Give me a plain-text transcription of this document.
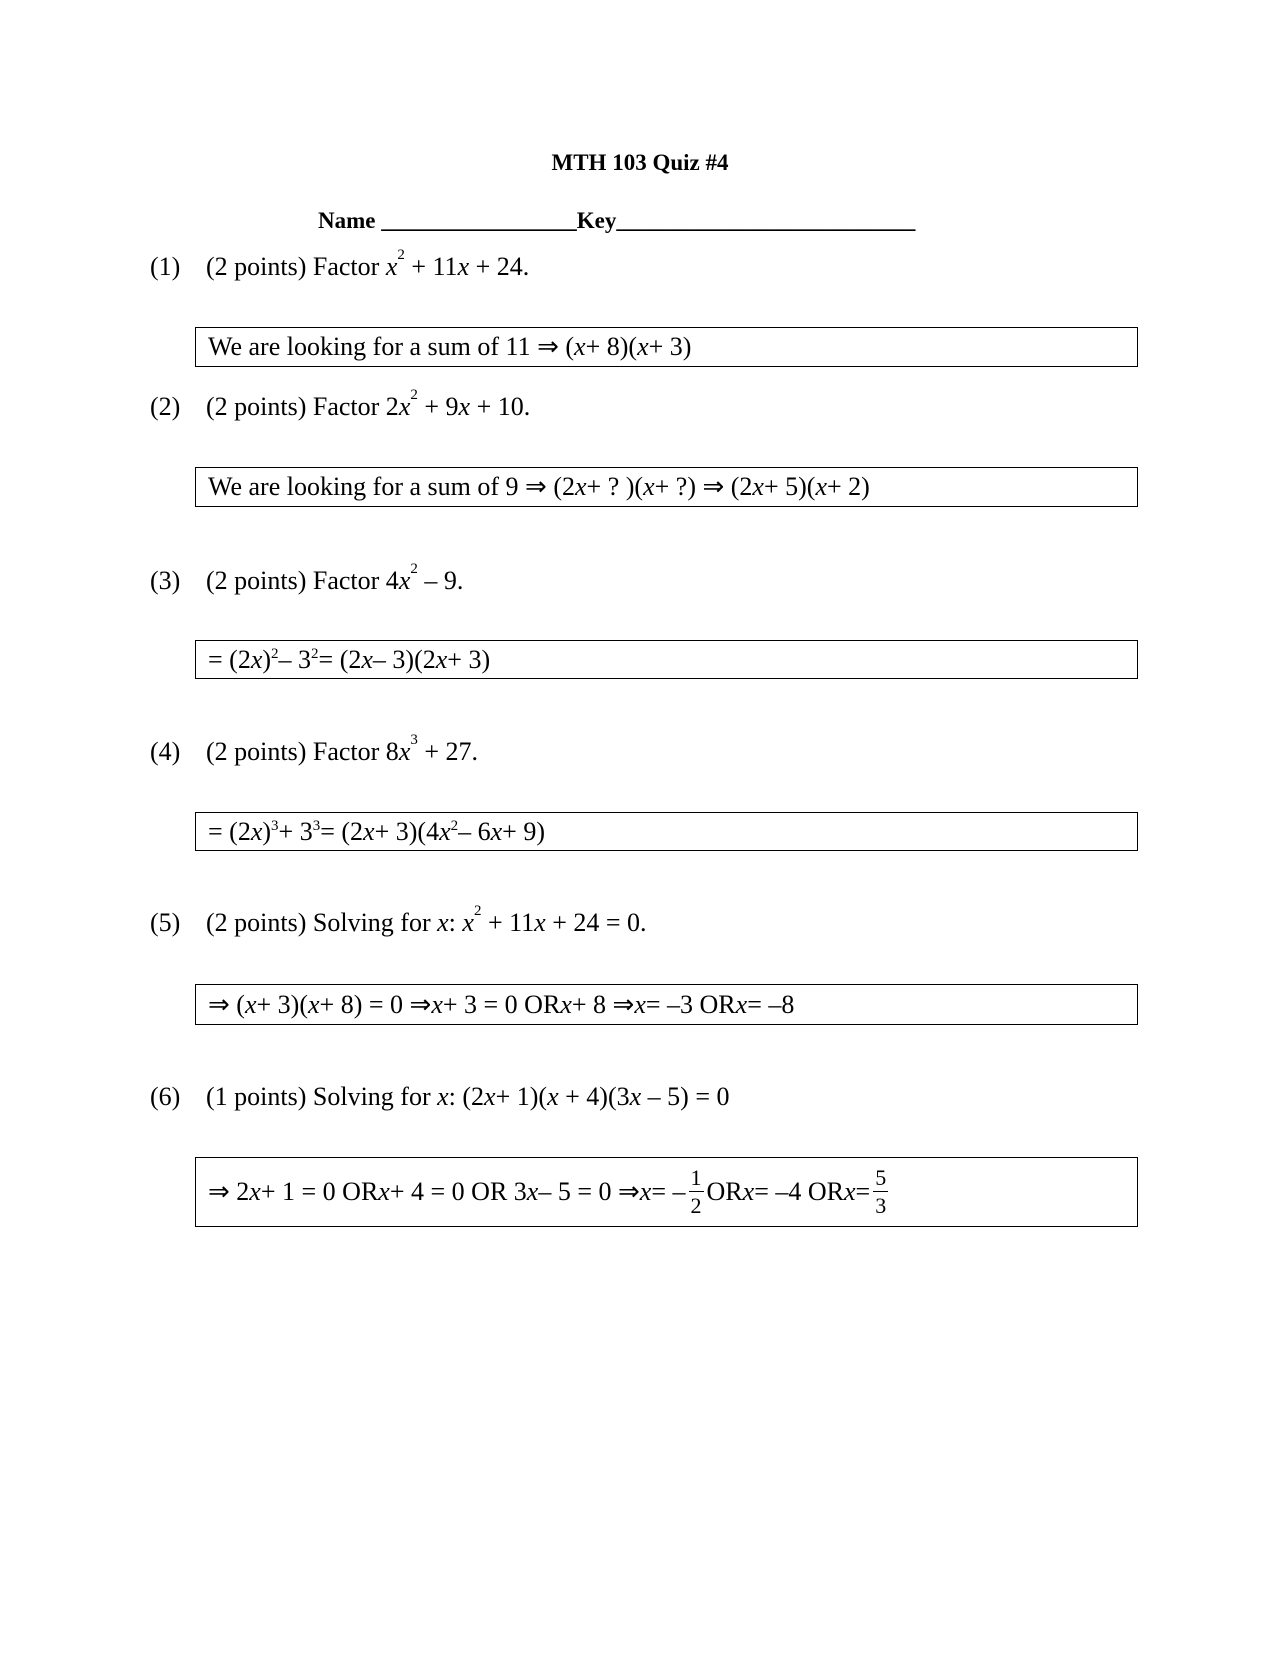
MTH 103 Quiz #4
Name _________________Key__________________________
(1) (2 points) Factor $x^2 + 11x + 24$.
We are looking for a sum of 11 ⇒ ( x + 8)( x + 3)
(2) (2 points) Factor $2x^2 + 9x + 10$.
We are looking for a sum of 9 ⇒ (2 x + ? )( x + ?) ⇒ (2 x + 5)( x + 2)
(3) (2 points) Factor $4x^2 - 9$.
= (2 x )$^2 - 3^2 = (2$ x – 3)(2 x + 3)
(4) (2 points) Factor $8x^3 + 27$.
= (2 x )$^3 + 3^3 = (2$ x + 3)(4 $x^2 - 6$ x + 9)
(5) (2 points) Solving for x: $x^2 + 11x + 24 = 0$.
⇒ ( x + 3)( x + 8) = 0 ⇒ x + 3 = 0 OR x + 8 ⇒ x = –3 OR x = –8
(6) (1 points) Solving for x: (2x+ 1)(x + 4)(3x – 5) = 0
⇒ 2 x + 1 = 0 OR x + 4 = 0 OR 3 x – 5 = 0 ⇒ x = – $\frac{1}{2}$ OR x = –4 OR $x = \frac{5}{3}$
